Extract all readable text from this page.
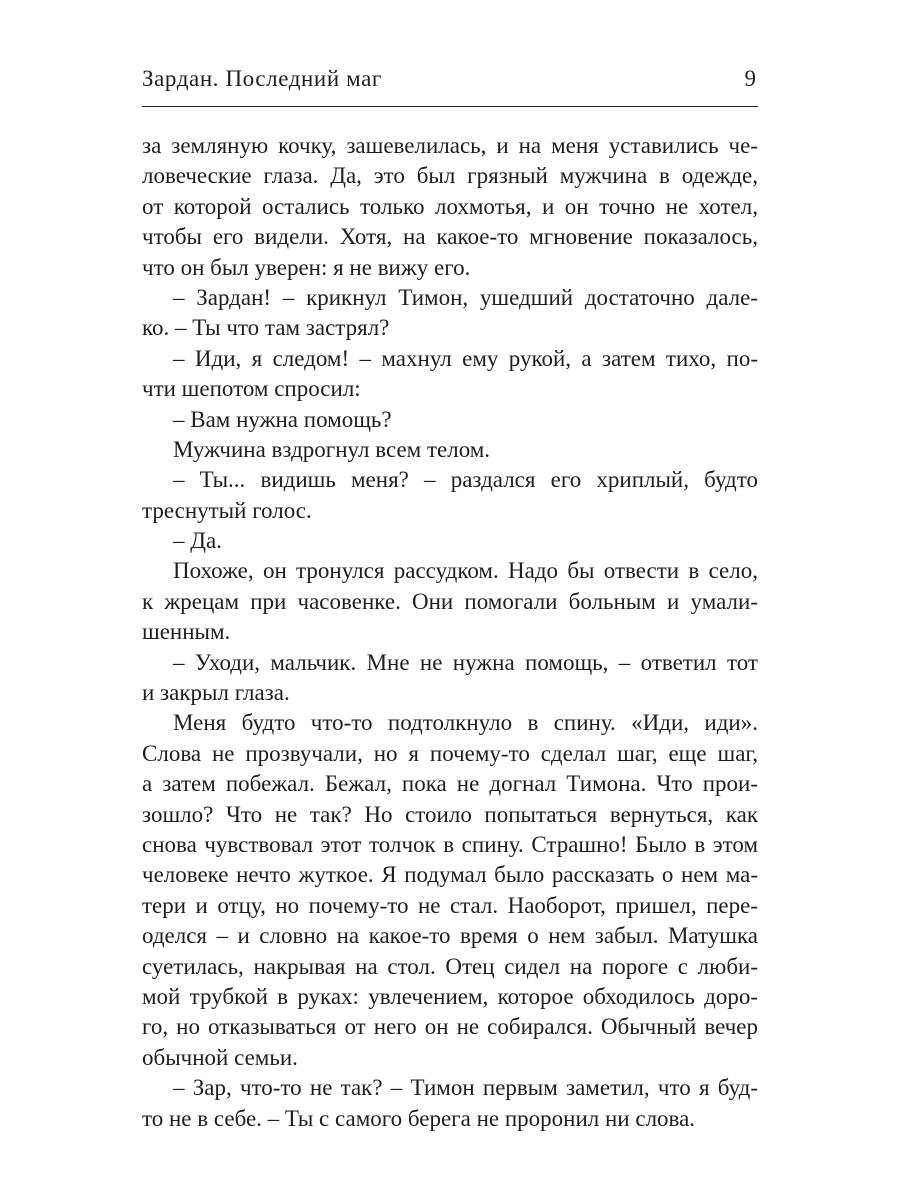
Зардан. Последний маг	9
за земляную кочку, зашевелилась, и на меня уставились че-
ловеческие глаза. Да, это был грязный мужчина в одежде,
от которой остались только лохмотья, и он точно не хотел,
чтобы его видели. Хотя, на какое-то мгновение показалось,
что он был уверен: я не вижу его.
– Зардан! – крикнул Тимон, ушедший достаточно дале-
ко. – Ты что там застрял?
– Иди, я следом! – махнул ему рукой, а затем тихо, по-
чти шепотом спросил:
– Вам нужна помощь?
Мужчина вздрогнул всем телом.
– Ты... видишь меня? – раздался его хриплый, будто
треснутый голос.
– Да.
Похоже, он тронулся рассудком. Надо бы отвести в село,
к жрецам при часовенке. Они помогали больным и умали-
шенным.
– Уходи, мальчик. Мне не нужна помощь, – ответил тот
и закрыл глаза.
Меня будто что-то подтолкнуло в спину. «Иди, иди».
Слова не прозвучали, но я почему-то сделал шаг, еще шаг,
а затем побежал. Бежал, пока не догнал Тимона. Что прои-
зошло? Что не так? Но стоило попытаться вернуться, как
снова чувствовал этот толчок в спину. Страшно! Было в этом
человеке нечто жуткое. Я подумал было рассказать о нем ма-
тери и отцу, но почему-то не стал. Наоборот, пришел, пере-
оделся – и словно на какое-то время о нем забыл. Матушка
суетилась, накрывая на стол. Отец сидел на пороге с люби-
мой трубкой в руках: увлечением, которое обходилось доро-
го, но отказываться от него он не собирался. Обычный вечер
обычной семьи.
– Зар, что-то не так? – Тимон первым заметил, что я буд-
то не в себе. – Ты с самого берега не проронил ни слова.
